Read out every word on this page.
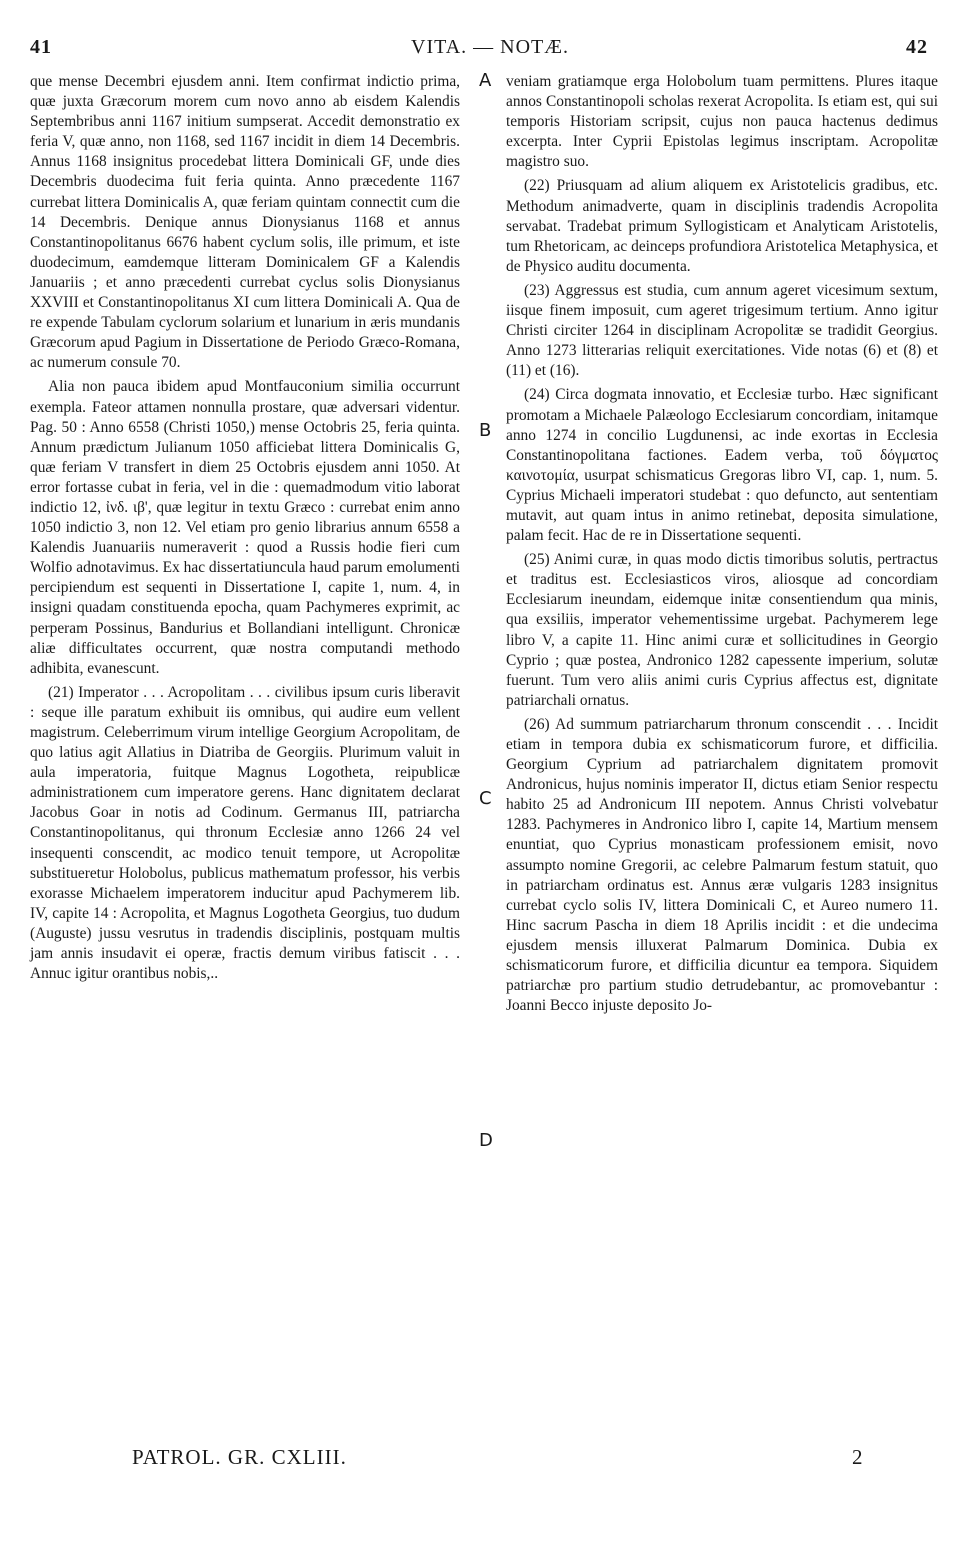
41	VITA. — NOTÆ.	42

que mense Decembri ejusdem anni. Item confirmat indictio prima, quæ juxta Græcorum morem cum novo anno ab eisdem Kalendis Septembribus anni 1167 initium sumpserat. Accedit demonstratio ex feria V, quæ anno, non 1168, sed 1167 incidit in diem 14 Decembris. Annus 1168 insignitus procedebat littera Dominicali GF, unde dies Decembris duodecima fuit feria quinta. Anno præcedente 1167 currebat littera Dominicalis A, quæ feriam quintam connectit cum die 14 Decembris. Denique annus Dionysianus 1168 et annus Constantinopolitanus 6676 habent cyclum solis, ille primum, et iste duodecimum, eamdemque litteram Dominicalem GF a Kalendis Januariis ; et anno præcedenti currebat cyclus solis Dionysianus XXVIII et Constantinopolitanus XI cum littera Dominicali A. Qua de re expende Tabulam cyclorum solarium et lunarium in æris mundanis Græcorum apud Pagium in Dissertatione de Periodo Græco-Romana, ac numerum consule 70.

Alia non pauca ibidem apud Montfauconium similia occurrunt exempla. Fateor attamen nonnulla prostare, quæ adversari videntur. Pag. 50 : Anno 6558 (Christi 1050,) mense Octobris 25, feria quinta. Annum prædictum Julianum 1050 afficiebat littera Dominicalis G, quæ feriam V transfert in diem 25 Octobris ejusdem anni 1050. At error fortasse cubat in feria, vel in die : quemadmodum vitio laborat indictio 12, ἰνδ. ιβ', quæ legitur in textu Græco : currebat enim anno 1050 indictio 3, non 12. Vel etiam pro genio librarius annum 6558 a Kalendis Juanuariis numeraverit : quod a Russis hodie fieri cum Wolfio adnotavimus. Ex hac dissertatiuncula haud parum emolumenti percipiendum est sequenti in Dissertatione I, capite 1, num. 4, in insigni quadam constituenda epocha, quam Pachymeres exprimit, ac perperam Possinus, Bandurius et Bollandiani intelligunt. Chronicæ aliæ difficultates occurrent, quæ nostra computandi methodo adhibita, evanescunt.

(21) Imperator . . . Acropolitam . . . civilibus ipsum curis liberavit : seque ille paratum exhibuit iis omnibus, qui audire eum vellent magistrum. Celeberrimum virum intellige Georgium Acropolitam, de quo latius agit Allatius in Diatriba de Georgiis. Plurimum valuit in aula imperatoria, fuitque Magnus Logotheta, reipublicæ administrationem cum imperatore gerens. Hanc dignitatem declarat Jacobus Goar in notis ad Codinum. Germanus III, patriarcha Constantinopolitanus, qui thronum Ecclesiæ anno 1266 24 vel insequenti conscendit, ac modico tenuit tempore, ut Acropolitæ substitueretur Holobolus, publicus mathematum professor, his verbis exorasse Michaelem imperatorem inducitur apud Pachymerem lib. IV, capite 14 : Acropolita, et Magnus Logotheta Georgius, tuo dudum (Auguste) jussu vesrutus in tradendis disciplinis, postquam multis jam annis insudavit ei operæ, fractis demum viribus fatiscit . . . Annuc igitur orantibus nobis,..

A
B
C
D

veniam gratiamque erga Holobolum tuam permittens. Plures itaque annos Constantinopoli scholas rexerat Acropolita. Is etiam est, qui sui temporis Historiam scripsit, cujus non pauca hactenus dedimus excerpta. Inter Cyprii Epistolas legimus inscriptam. Acropolitæ magistro suo.

(22) Priusquam ad alium aliquem ex Aristotelicis gradibus, etc. Methodum animadverte, quam in disciplinis tradendis Acropolita servabat. Tradebat primum Syllogisticam et Analyticam Aristotelis, tum Rhetoricam, ac deinceps profundiora Aristotelica Metaphysica, et de Physico auditu documenta.

(23) Aggressus est studia, cum annum ageret vicesimum sextum, iisque finem imposuit, cum ageret trigesimum tertium. Anno igitur Christi circiter 1264 in disciplinam Acropolitæ se tradidit Georgius. Anno 1273 litterarias reliquit exercitationes. Vide notas (6) et (8) et (11) et (16).

(24) Circa dogmata innovatio, et Ecclesiæ turbo. Hæc significant promotam a Michaele Palæologo Ecclesiarum concordiam, initamque anno 1274 in concilio Lugdunensi, ac inde exortas in Ecclesia Constantinopolitana factiones. Eadem verba, τοῦ δόγματος καινοτομία, usurpat schismaticus Gregoras libro VI, cap. 1, num. 5. Cyprius Michaeli imperatori studebat : quo defuncto, aut sententiam mutavit, aut quam intus in animo retinebat, deposita simulatione, palam fecit. Hac de re in Dissertatione sequenti.

(25) Animi curæ, in quas modo dictis timoribus solutis, pertractus et traditus est. Ecclesiasticos viros, aliosque ad concordiam Ecclesiarum ineundam, eidemque initæ consentiendum qua minis, qua exsiliis, imperator vehementissime urgebat. Pachymerem lege libro V, a capite 11. Hinc animi curæ et sollicitudines in Georgio Cyprio ; quæ postea, Andronico 1282 capessente imperium, solutæ fuerunt. Tum vero aliis animi curis Cyprius affectus est, dignitate patriarchali ornatus.

(26) Ad summum patriarcharum thronum conscendit . . . Incidit etiam in tempora dubia ex schismaticorum furore, et difficilia. Georgium Cyprium ad patriarchalem dignitatem promovit Andronicus, hujus nominis imperator II, dictus etiam Senior respectu habito 25 ad Andronicum III nepotem. Annus Christi volvebatur 1283. Pachymeres in Andronico libro I, capite 14, Martium mensem enuntiat, quo Cyprius monasticam professionem emisit, novo assumpto nomine Gregorii, ac celebre Palmarum festum statuit, quo in patriarcham ordinatus est. Annus æræ vulgaris 1283 insignitus currebat cyclo solis IV, littera Dominicali C, et Aureo numero 11. Hinc sacrum Pascha in diem 18 Aprilis incidit : et die undecima ejusdem mensis illuxerat Palmarum Dominica. Dubia ex schismaticorum furore, et difficilia dicuntur ea tempora. Siquidem patriarchæ pro partium studio detrudebantur, ac promovebantur : Joanni Becco injuste deposito Jo-

PATROL. GR. CXLIII.	2
